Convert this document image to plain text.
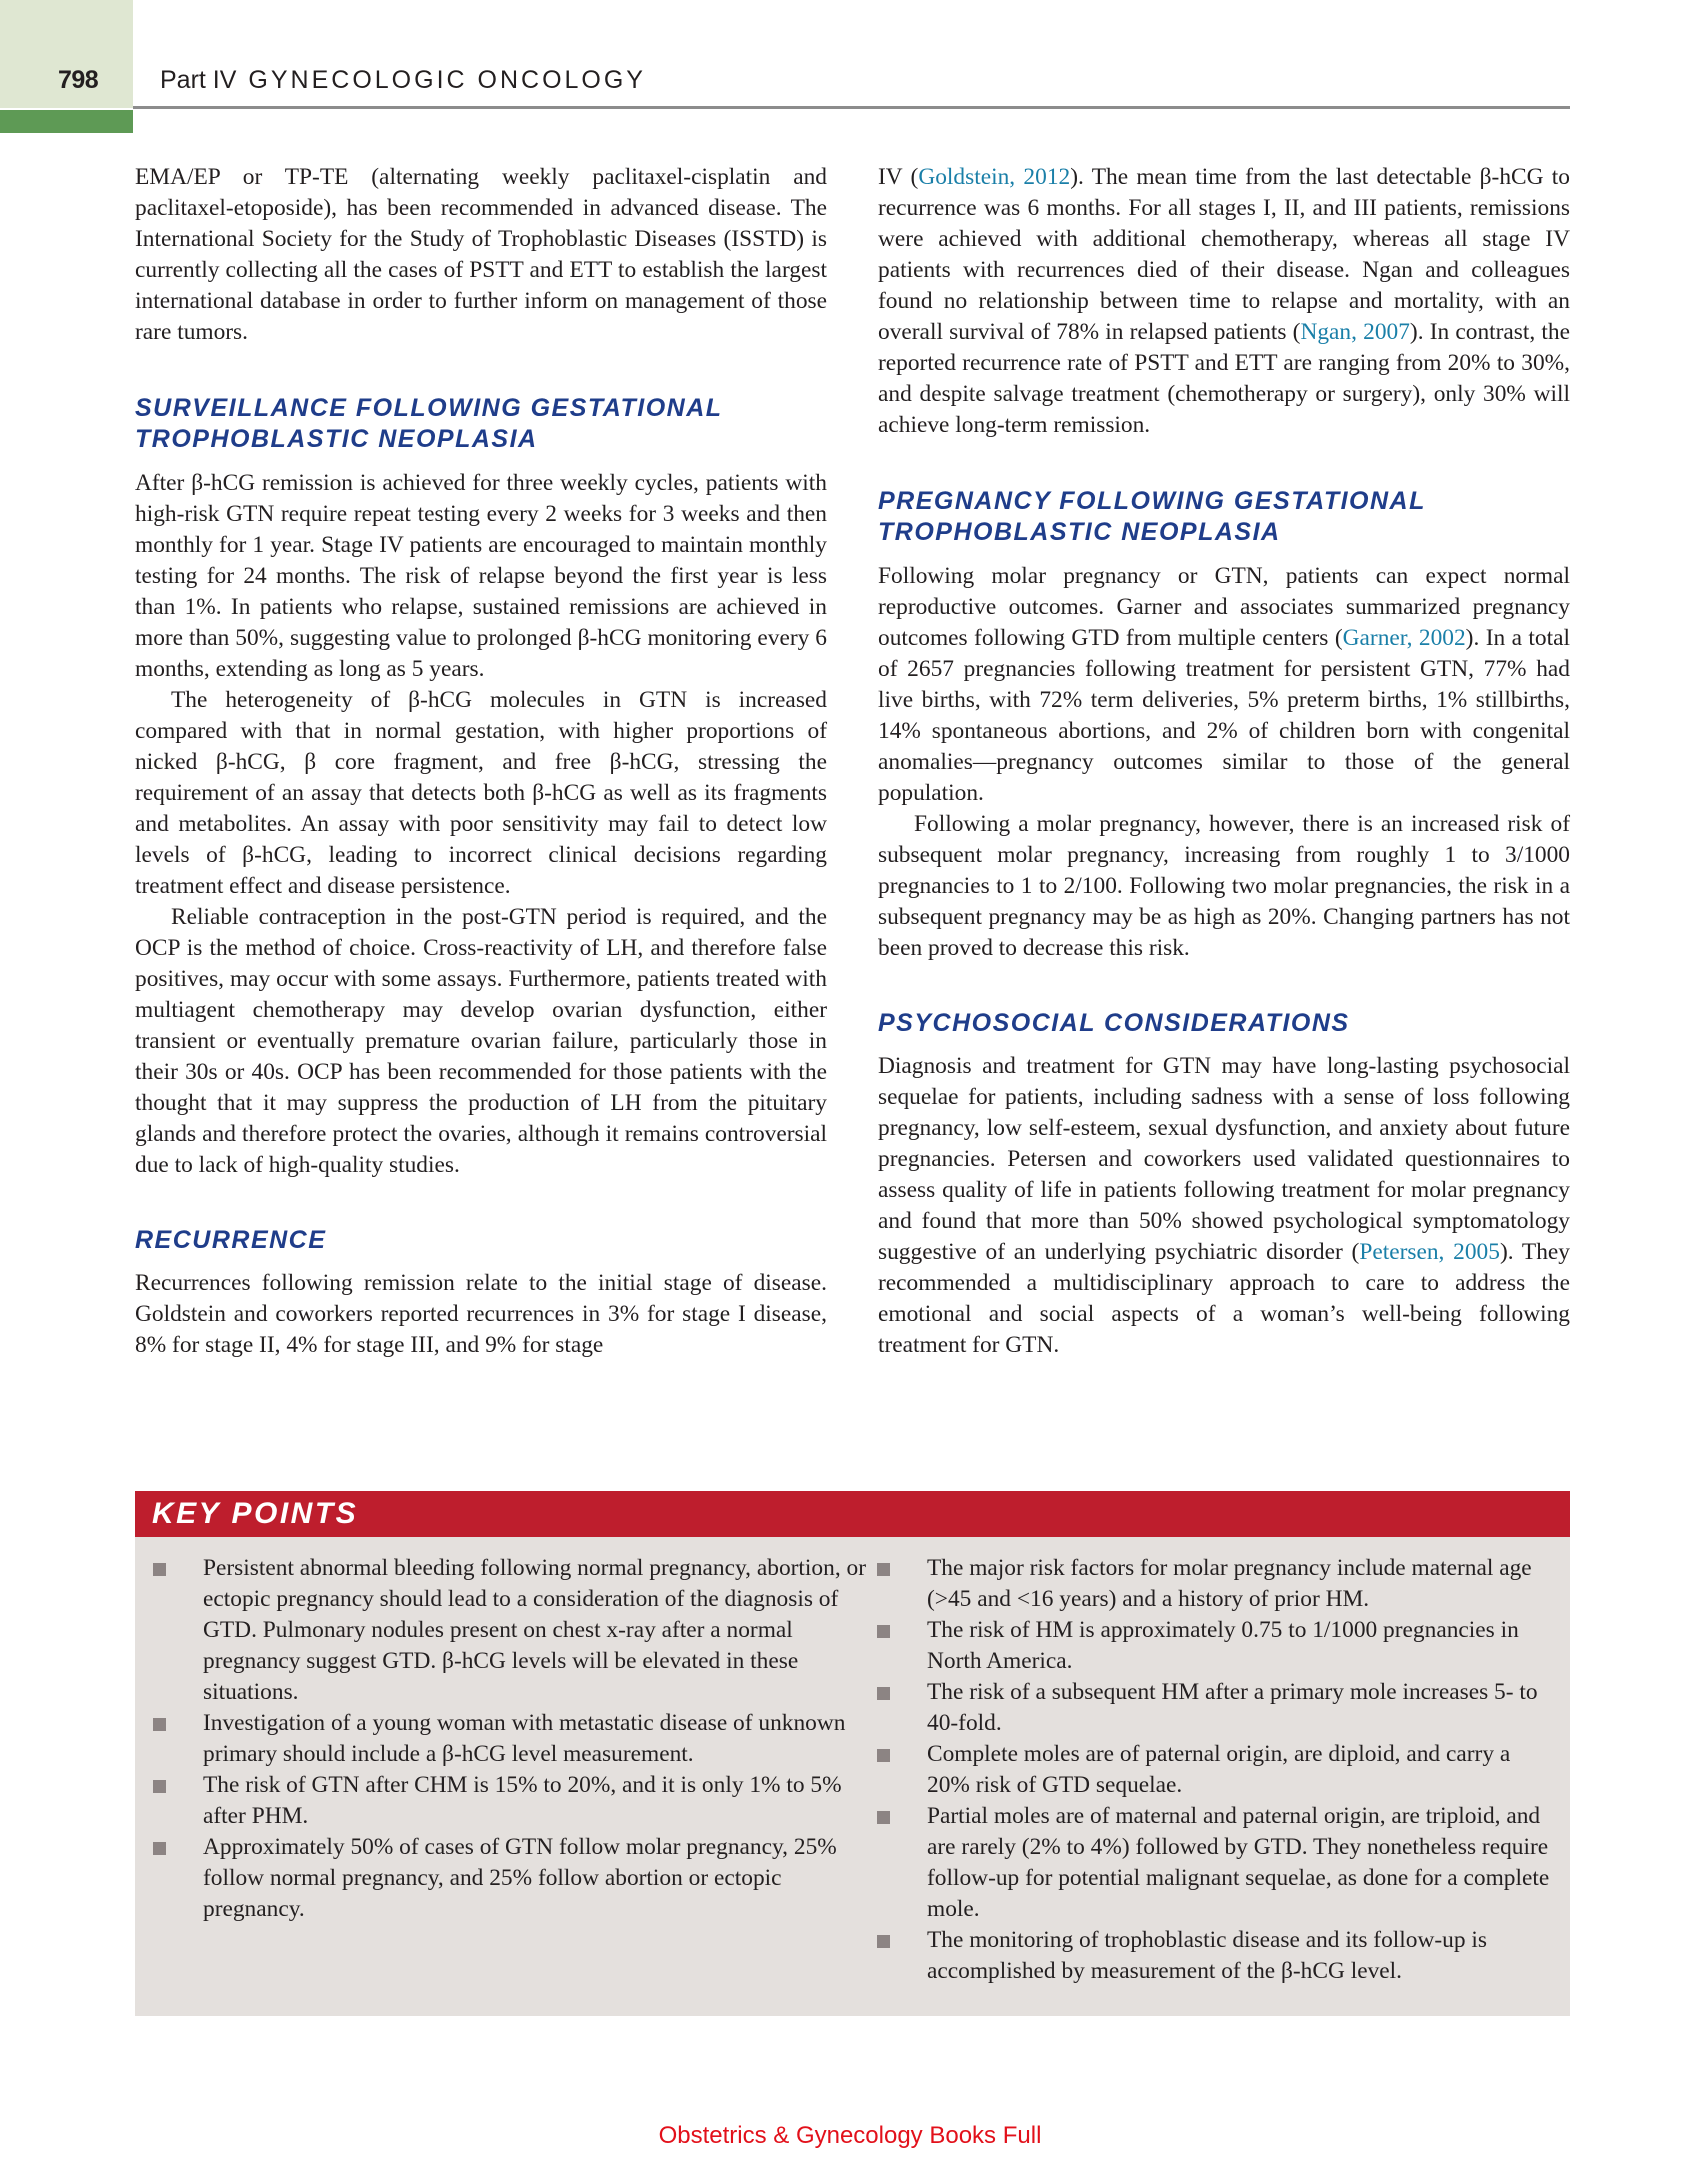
798 Part IV GYNECOLOGIC ONCOLOGY

EMA/EP or TP-TE (alternating weekly paclitaxel-cisplatin and paclitaxel-etoposide), has been recommended in advanced disease. The International Society for the Study of Trophoblastic Diseases (ISSTD) is currently collecting all the cases of PSTT and ETT to establish the largest international database in order to further inform on management of those rare tumors.

SURVEILLANCE FOLLOWING GESTATIONAL TROPHOBLASTIC NEOPLASIA

After β-hCG remission is achieved for three weekly cycles, patients with high-risk GTN require repeat testing every 2 weeks for 3 weeks and then monthly for 1 year. Stage IV patients are encouraged to maintain monthly testing for 24 months. The risk of relapse beyond the first year is less than 1%. In patients who relapse, sustained remissions are achieved in more than 50%, suggesting value to prolonged β-hCG monitoring every 6 months, extending as long as 5 years.

The heterogeneity of β-hCG molecules in GTN is increased compared with that in normal gestation, with higher proportions of nicked β-hCG, β core fragment, and free β-hCG, stressing the requirement of an assay that detects both β-hCG as well as its fragments and metabolites. An assay with poor sensitivity may fail to detect low levels of β-hCG, leading to incorrect clinical decisions regarding treatment effect and disease persistence.

Reliable contraception in the post-GTN period is required, and the OCP is the method of choice. Cross-reactivity of LH, and therefore false positives, may occur with some assays. Furthermore, patients treated with multiagent chemotherapy may develop ovarian dysfunction, either transient or eventually premature ovarian failure, particularly those in their 30s or 40s. OCP has been recommended for those patients with the thought that it may suppress the production of LH from the pituitary glands and therefore protect the ovaries, although it remains controversial due to lack of high-quality studies.

RECURRENCE

Recurrences following remission relate to the initial stage of disease. Goldstein and coworkers reported recurrences in 3% for stage I disease, 8% for stage II, 4% for stage III, and 9% for stage

IV (Goldstein, 2012). The mean time from the last detectable β-hCG to recurrence was 6 months. For all stages I, II, and III patients, remissions were achieved with additional chemotherapy, whereas all stage IV patients with recurrences died of their disease. Ngan and colleagues found no relationship between time to relapse and mortality, with an overall survival of 78% in relapsed patients (Ngan, 2007). In contrast, the reported recurrence rate of PSTT and ETT are ranging from 20% to 30%, and despite salvage treatment (chemotherapy or surgery), only 30% will achieve long-term remission.

PREGNANCY FOLLOWING GESTATIONAL TROPHOBLASTIC NEOPLASIA

Following molar pregnancy or GTN, patients can expect normal reproductive outcomes. Garner and associates summarized pregnancy outcomes following GTD from multiple centers (Garner, 2002). In a total of 2657 pregnancies following treatment for persistent GTN, 77% had live births, with 72% term deliveries, 5% preterm births, 1% stillbirths, 14% spontaneous abortions, and 2% of children born with congenital anomalies—pregnancy outcomes similar to those of the general population.

Following a molar pregnancy, however, there is an increased risk of subsequent molar pregnancy, increasing from roughly 1 to 3/1000 pregnancies to 1 to 2/100. Following two molar pregnancies, the risk in a subsequent pregnancy may be as high as 20%. Changing partners has not been proved to decrease this risk.

PSYCHOSOCIAL CONSIDERATIONS

Diagnosis and treatment for GTN may have long-lasting psychosocial sequelae for patients, including sadness with a sense of loss following pregnancy, low self-esteem, sexual dysfunction, and anxiety about future pregnancies. Petersen and coworkers used validated questionnaires to assess quality of life in patients following treatment for molar pregnancy and found that more than 50% showed psychological symptomatology suggestive of an underlying psychiatric disorder (Petersen, 2005). They recommended a multidisciplinary approach to care to address the emotional and social aspects of a woman’s well-being following treatment for GTN.

KEY POINTS
Persistent abnormal bleeding following normal pregnancy, abortion, or ectopic pregnancy should lead to a consideration of the diagnosis of GTD. Pulmonary nodules present on chest x-ray after a normal pregnancy suggest GTD. β-hCG levels will be elevated in these situations.
Investigation of a young woman with metastatic disease of unknown primary should include a β-hCG level measurement.
The risk of GTN after CHM is 15% to 20%, and it is only 1% to 5% after PHM.
Approximately 50% of cases of GTN follow molar pregnancy, 25% follow normal pregnancy, and 25% follow abortion or ectopic pregnancy.
The major risk factors for molar pregnancy include maternal age (>45 and <16 years) and a history of prior HM.
The risk of HM is approximately 0.75 to 1/1000 pregnancies in North America.
The risk of a subsequent HM after a primary mole increases 5- to 40-fold.
Complete moles are of paternal origin, are diploid, and carry a 20% risk of GTD sequelae.
Partial moles are of maternal and paternal origin, are triploid, and are rarely (2% to 4%) followed by GTD. They nonetheless require follow-up for potential malignant sequelae, as done for a complete mole.
The monitoring of trophoblastic disease and its follow-up is accomplished by measurement of the β-hCG level.
Obstetrics & Gynecology Books Full
